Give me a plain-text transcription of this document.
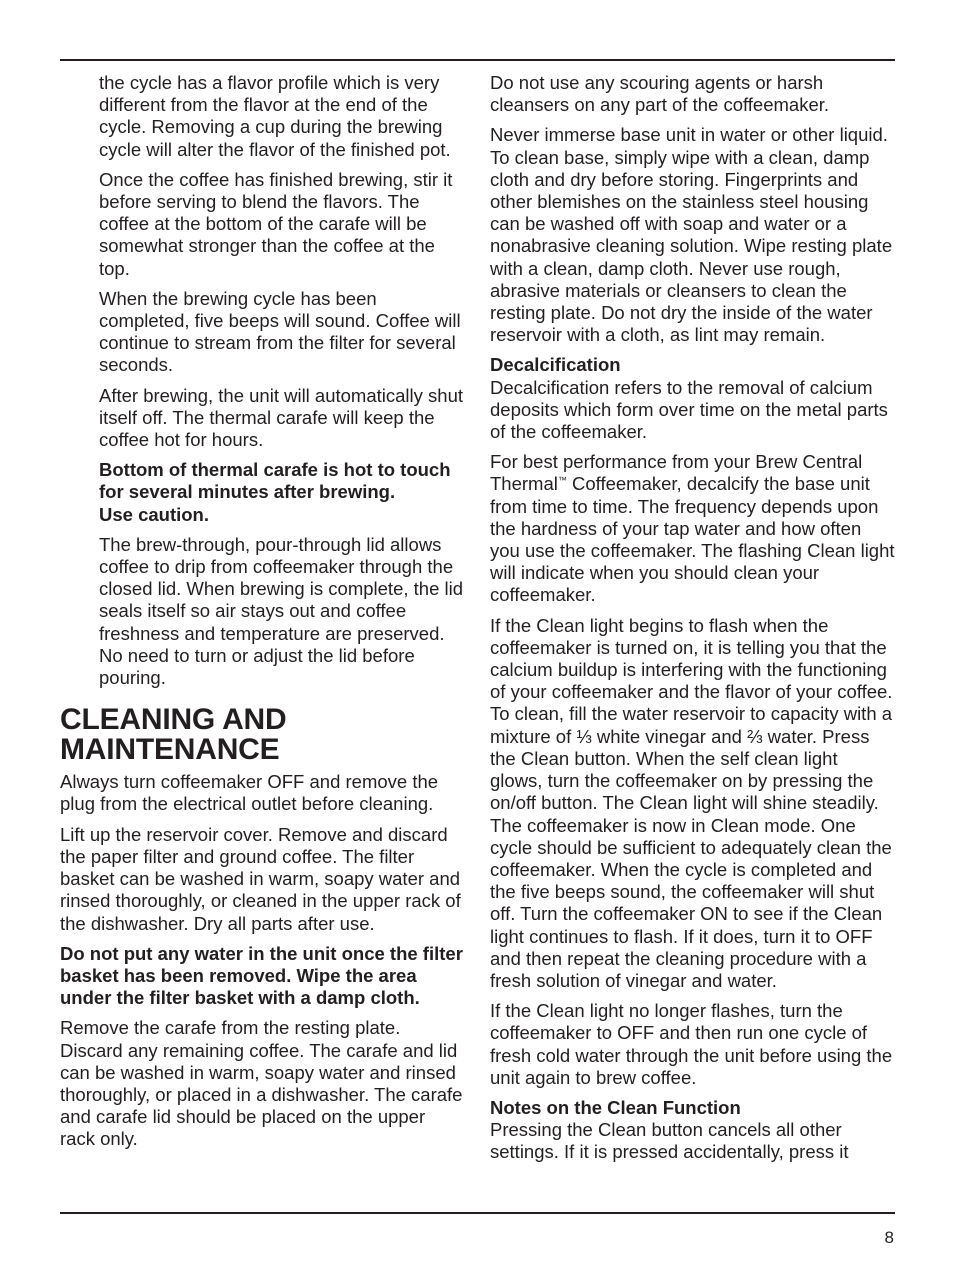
the cycle has a flavor profile which is very different from the flavor at the end of the cycle. Removing a cup during the brewing cycle will alter the flavor of the finished pot.

Once the coffee has finished brewing, stir it before serving to blend the flavors. The coffee at the bottom of the carafe will be somewhat stronger than the coffee at the top.

When the brewing cycle has been completed, five beeps will sound. Coffee will continue to stream from the filter for several seconds.

After brewing, the unit will automatically shut itself off. The thermal carafe will keep the coffee hot for hours.

Bottom of thermal carafe is hot to touch for several minutes after brewing.
Use caution.

The brew-through, pour-through lid allows coffee to drip from coffeemaker through the closed lid. When brewing is complete, the lid seals itself so air stays out and coffee freshness and temperature are preserved. No need to turn or adjust the lid before pouring.

CLEANING AND
MAINTENANCE

Always turn coffeemaker OFF and remove the plug from the electrical outlet before cleaning.

Lift up the reservoir cover. Remove and discard the paper filter and ground coffee. The filter basket can be washed in warm, soapy water and rinsed thoroughly, or cleaned in the upper rack of the dishwasher. Dry all parts after use.

Do not put any water in the unit once the filter basket has been removed. Wipe the area under the filter basket with a damp cloth.

Remove the carafe from the resting plate. Discard any remaining coffee. The carafe and lid can be washed in warm, soapy water and rinsed thoroughly, or placed in a dishwasher. The carafe and carafe lid should be placed on the upper rack only.

Do not use any scouring agents or harsh cleansers on any part of the coffeemaker.

Never immerse base unit in water or other liquid. To clean base, simply wipe with a clean, damp cloth and dry before storing. Fingerprints and other blemishes on the stainless steel housing can be washed off with soap and water or a nonabrasive cleaning solution. Wipe resting plate with a clean, damp cloth. Never use rough, abrasive materials or cleansers to clean the resting plate. Do not dry the inside of the water reservoir with a cloth, as lint may remain.

Decalcification
Decalcification refers to the removal of calcium deposits which form over time on the metal parts of the coffeemaker.

For best performance from your Brew Central Thermal™ Coffeemaker, decalcify the base unit from time to time. The frequency depends upon the hardness of your tap water and how often you use the coffeemaker. The flashing Clean light will indicate when you should clean your coffeemaker.

If the Clean light begins to flash when the coffeemaker is turned on, it is telling you that the calcium buildup is interfering with the functioning of your coffeemaker and the flavor of your coffee. To clean, fill the water reservoir to capacity with a mixture of ⅓ white vinegar and ⅔ water. Press the Clean button. When the self clean light glows, turn the coffeemaker on by pressing the on/off button. The Clean light will shine steadily. The coffeemaker is now in Clean mode. One cycle should be sufficient to adequately clean the coffeemaker. When the cycle is completed and the five beeps sound, the coffeemaker will shut off. Turn the coffeemaker ON to see if the Clean light continues to flash. If it does, turn it to OFF and then repeat the cleaning procedure with a fresh solution of vinegar and water.

If the Clean light no longer flashes, turn the coffeemaker to OFF and then run one cycle of fresh cold water through the unit before using the unit again to brew coffee.

Notes on the Clean Function
Pressing the Clean button cancels all other settings. If it is pressed accidentally, press it

8
